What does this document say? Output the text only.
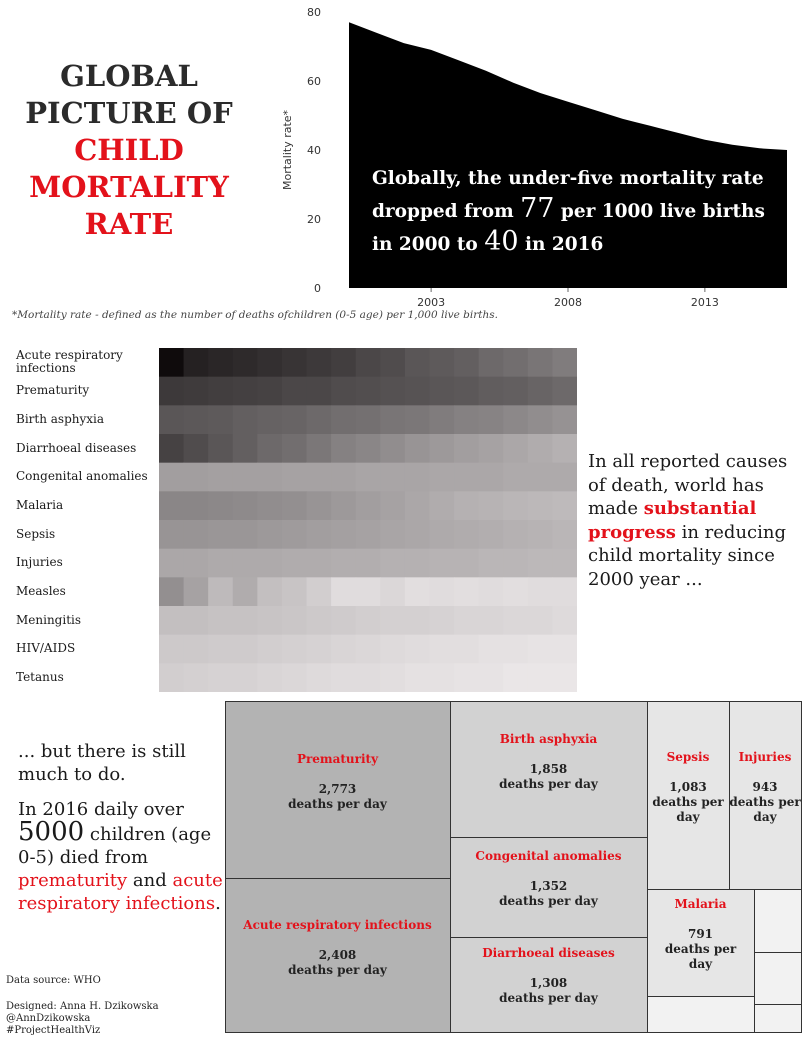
GLOBAL
PICTURE OF
CHILD
MORTALITY
RATE
0
20
40
60
80
2003	2008	2013
Mortality rate*	Globally, the under-five mortality rate dropped from 77 per 1000 live births in 2000 to 40 in 2016
*Mortality rate - defined as the number of deaths ofchildren (0-5 age) per 1,000 live births.
Acute respiratory infections
Prematurity
Birth asphyxia
Diarrhoeal diseases
Congenital anomalies
Malaria
Sepsis
Injuries
Measles
Meningitis
HIV/AIDS
Tetanus
In all reported causes of death, world has made substantial progress in reducing child mortality since 2000 year ...

... but there is still much to do.

In 2016 daily over 5000 children (age 0-5) died from prematurity and acute respiratory infections.

Data source: WHO
Designed: Anna H. Dzikowska
@AnnDzikowska
#ProjectHealthViz
Prematurity
2,773
deaths per day
Acute respiratory infections
2,408
deaths per day
Birth asphyxia
1,858
deaths per day
Congenital anomalies
1,352
deaths per day
Diarrhoeal diseases
1,308
deaths per day
Sepsis
1,083
deaths per
day
Injuries
943
deaths per
day
Malaria
791
deaths per
day
